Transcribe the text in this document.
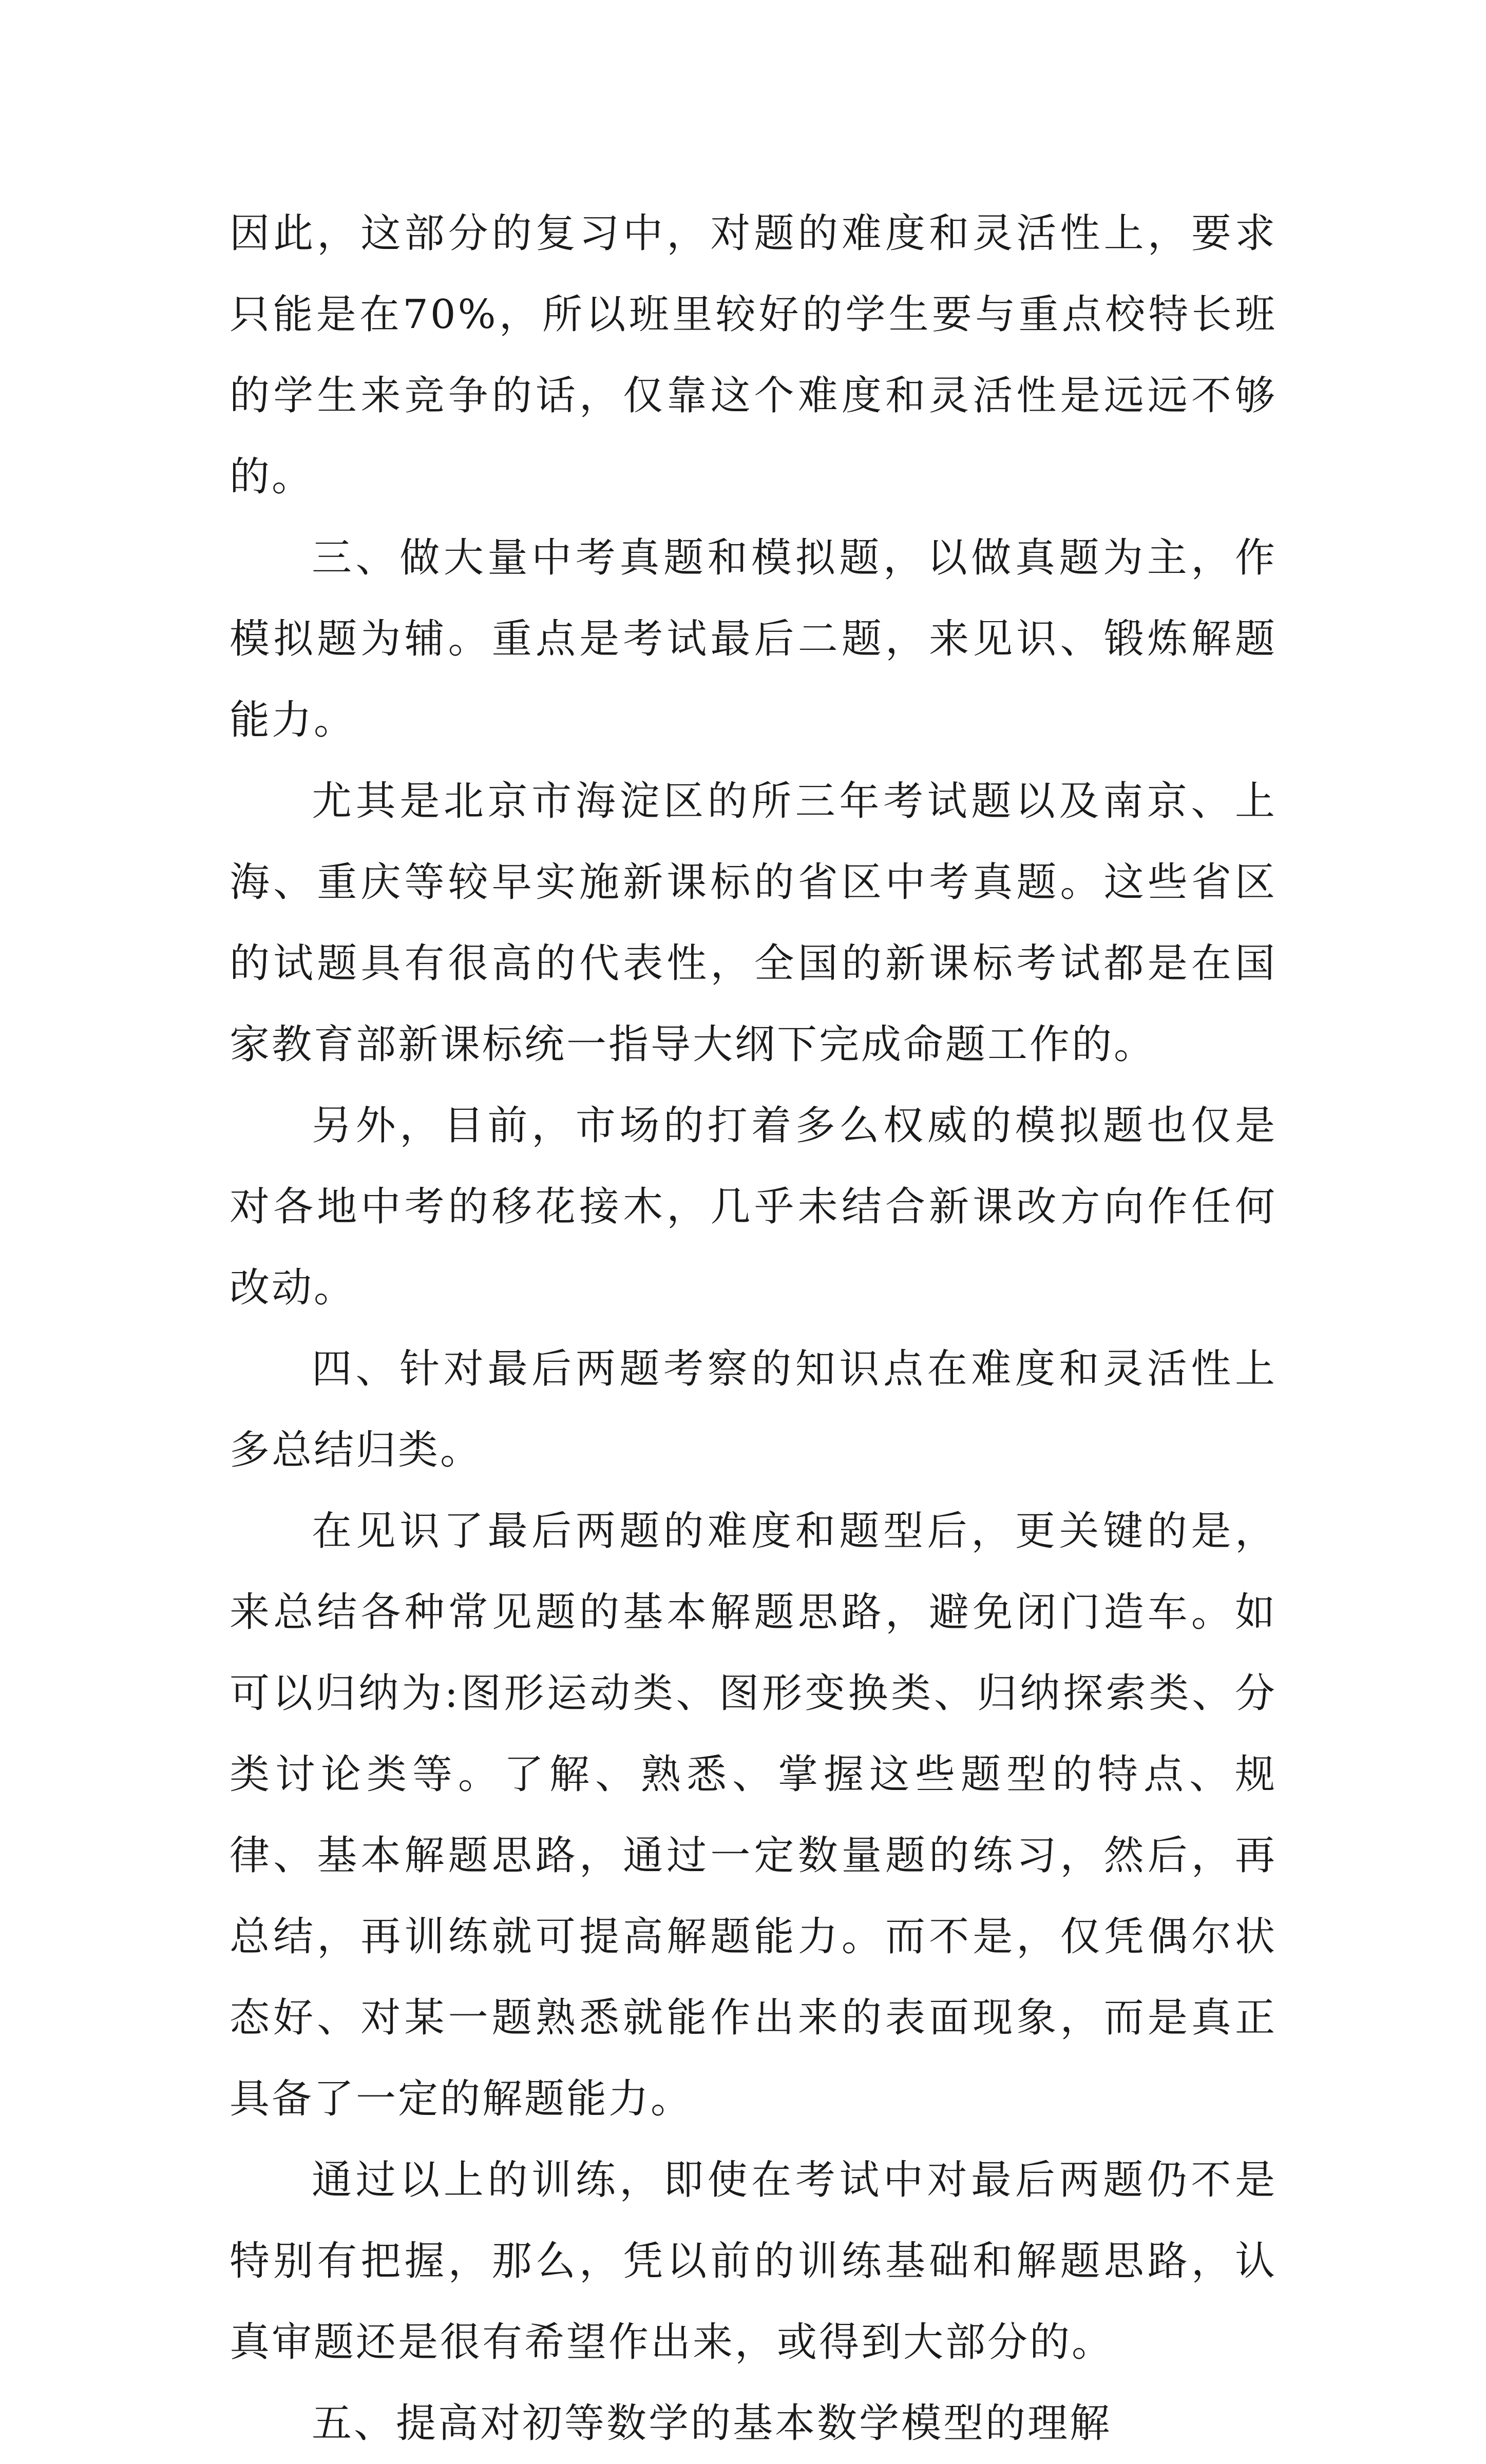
因此，这部分的复习中，对题的难度和灵活性上，要求只能是在70%，所以班里较好的学生要与重点校特长班的学生来竞争的话，仅靠这个难度和灵活性是远远不够的。

三、做大量中考真题和模拟题，以做真题为主，作模拟题为辅。重点是考试最后二题，来见识、锻炼解题能力。

尤其是北京市海淀区的所三年考试题以及南京、上海、重庆等较早实施新课标的省区中考真题。这些省区的试题具有很高的代表性，全国的新课标考试都是在国家教育部新课标统一指导大纲下完成命题工作的。

另外，目前，市场的打着多么权威的模拟题也仅是对各地中考的移花接木，几乎未结合新课改方向作任何改动。

四、针对最后两题考察的知识点在难度和灵活性上多总结归类。

在见识了最后两题的难度和题型后，更关键的是，来总结各种常见题的基本解题思路，避免闭门造车。如可以归纳为:图形运动类、图形变换类、归纳探索类、分类讨论类等。了解、熟悉、掌握这些题型的特点、规律、基本解题思路，通过一定数量题的练习，然后，再总结，再训练就可提高解题能力。而不是，仅凭偶尔状态好、对某一题熟悉就能作出来的表面现象，而是真正具备了一定的解题能力。

通过以上的训练，即使在考试中对最后两题仍不是特别有把握，那么，凭以前的训练基础和解题思路，认真审题还是很有希望作出来，或得到大部分的。

五、提高对初等数学的基本数学模型的理解
